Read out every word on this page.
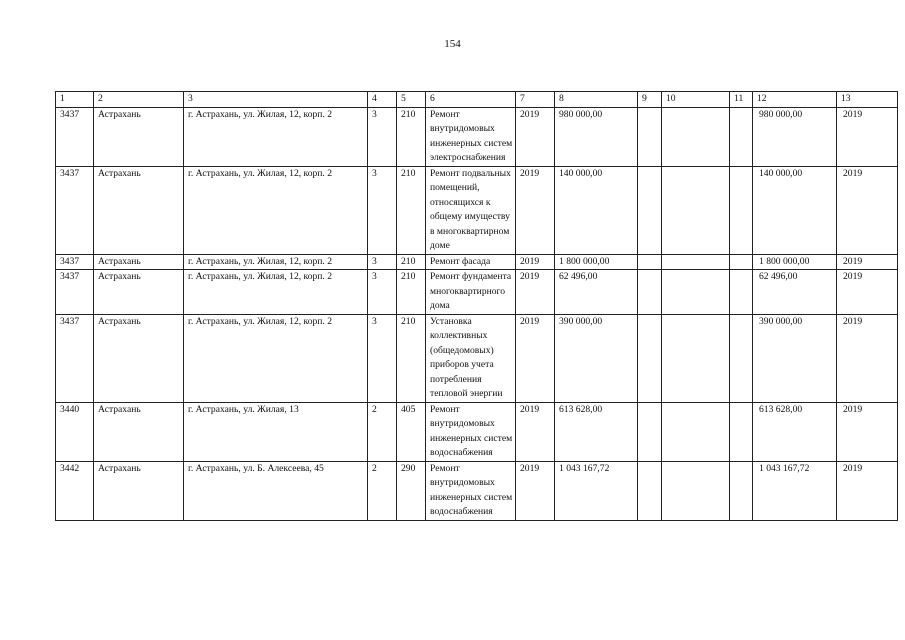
154
1	2	3	4	5	6	7	8	9	10	11	12	13
3437	Астрахань	г. Астрахань, ул. Жилая, 12, корп. 2	3	210	Ремонт внутридомовых инженерных систем электроснабжения	2019	980 000,00				980 000,00	2019
3437	Астрахань	г. Астрахань, ул. Жилая, 12, корп. 2	3	210	Ремонт подвальных помещений, относящихся к общему имуществу в многоквартирном доме	2019	140 000,00				140 000,00	2019
3437	Астрахань	г. Астрахань, ул. Жилая, 12, корп. 2	3	210	Ремонт фасада	2019	1 800 000,00				1 800 000,00	2019
3437	Астрахань	г. Астрахань, ул. Жилая, 12, корп. 2	3	210	Ремонт фундамента многоквартирного дома	2019	62 496,00				62 496,00	2019
3437	Астрахань	г. Астрахань, ул. Жилая, 12, корп. 2	3	210	Установка коллективных (общедомовых) приборов учета потребления тепловой энергии	2019	390 000,00				390 000,00	2019
3440	Астрахань	г. Астрахань, ул. Жилая, 13	2	405	Ремонт внутридомовых инженерных систем водоснабжения	2019	613 628,00				613 628,00	2019
3442	Астрахань	г. Астрахань, ул. Б. Алексеева, 45	2	290	Ремонт внутридомовых инженерных систем водоснабжения	2019	1 043 167,72				1 043 167,72	2019
